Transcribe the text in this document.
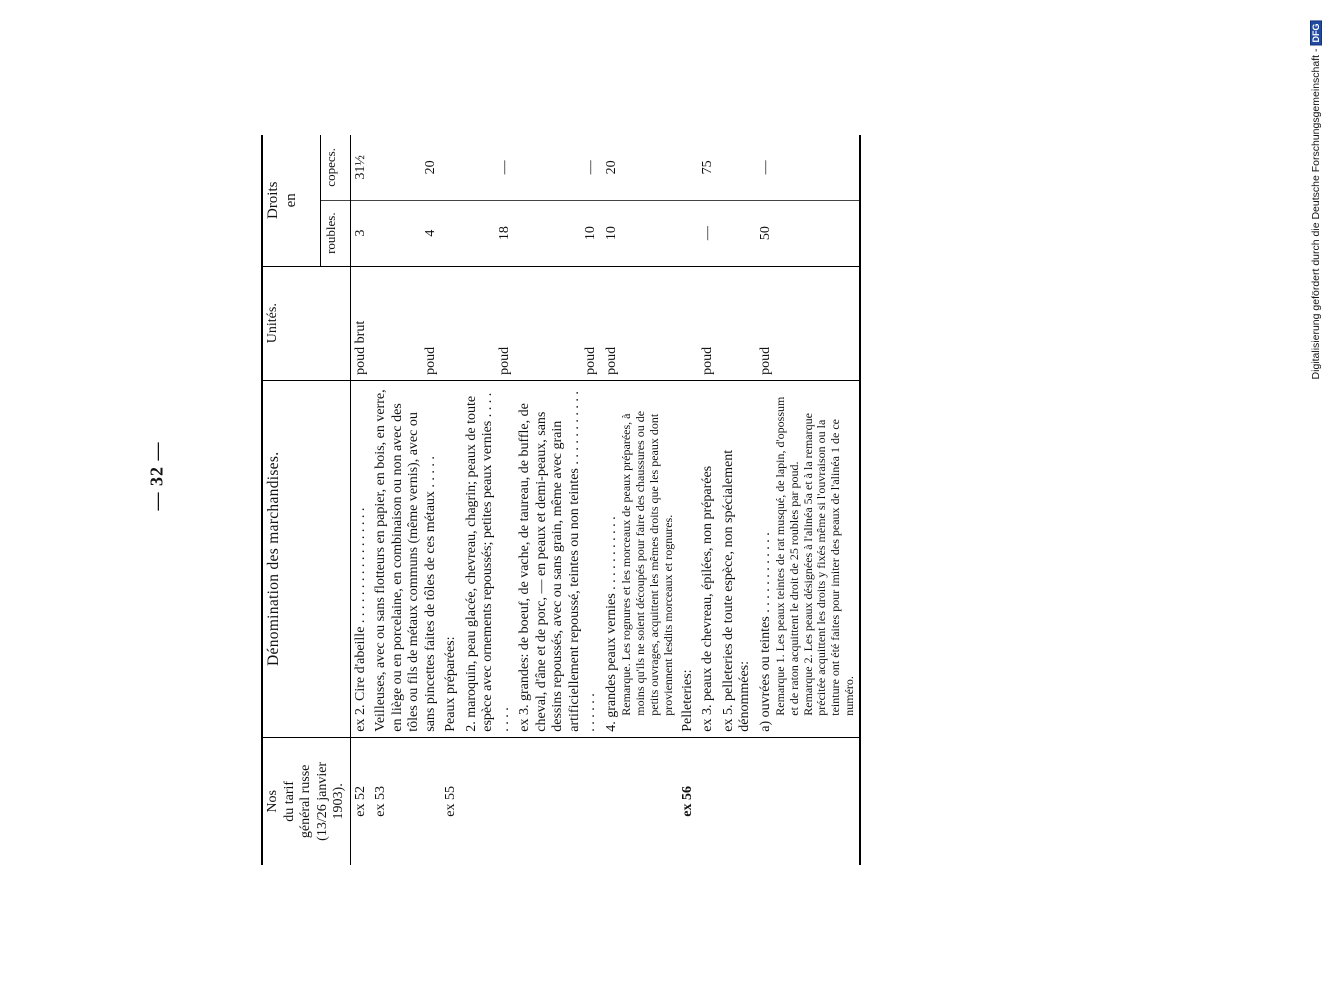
— 32 —
Digitalisierung gefördert durch die Deutsche Forschungsgemeinschaft -DFG
Nos du tarif général russe (13/26 janvier 1903).	Dénomination des marchandises.	Unités.	Droits en	

			roubles.	copecs.
ex 52	ex 2. Cire d'abeille . . . . . . . . . . . . . . . . .	poud brut	3	31½
ex 53	Veilleuses, avec ou sans flotteurs en papier, en bois, en verre, en liège ou en porcelaine, en combinaison ou non avec des tôles ou fils de métaux communs (même vernis), avec ou sans pincettes faites de tôles de ces métaux . . . . .	poud	4	20
ex 55	Peaux préparées:			
	2. maroquin, peau glacée, chevreau, chagrin; peaux de toute espèce avec ornements repoussés; petites peaux vernies . . . . . . . .	poud	18	—
	ex 3. grandes: de boeuf, de vache, de taureau, de buffle, de cheval, d'âne et de porc, — en peaux et demi-peaux, sans dessins repoussés, avec ou sans grain, même avec grain artificiellement repoussé, teintes ou non teintes . . . . . . . . . . . . . . . . .	poud	10	—

	4. grandes peaux vernies . . . . . . . . . . . Remarque. Les rognures et les morceaux de peaux préparées, à moins qu'ils ne soient découpés pour faire des chaussures ou de petits ouvrages, acquittent les mêmes droits que les peaux dont proviennent lesdits morceaux et rognures.	poud	10	20
ex 56	Pelleteries:			
	ex 3. peaux de chevreau, épilées, non préparées	poud	—	75
	ex 5. pelleteries de toute espèce, non spécialement dénommées:			

	a) ouvrées ou teintes . . . . . . . . . . . . Remarque 1. Les peaux teintes de rat musqué, de lapin, d'opossum et de raton acquittent le droit de 25 roubles par poud. Remarque 2. Les peaux désignées à l'alinéa 5a et à la remarque précitée acquittent les droits y fixés même si l'ouvraison ou la teinture ont été faites pour imiter des peaux de l'alinéa 1 de ce numéro.	poud	50	—
